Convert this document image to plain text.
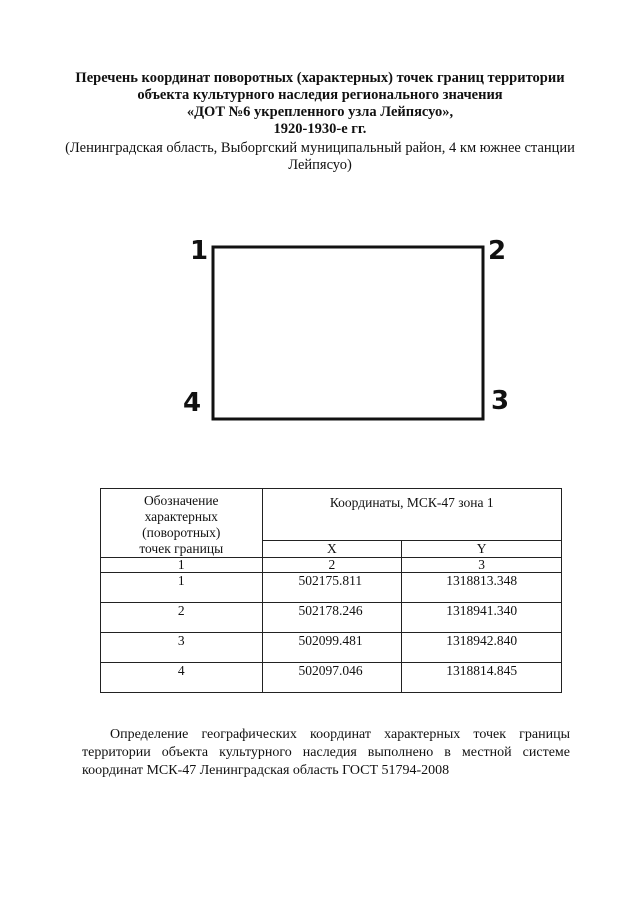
Перечень координат поворотных (характерных) точек границ территории
объекта культурного наследия регионального значения
«ДОТ №6 укрепленного узла Лейпясуо»,
1920-1930-е гг.
(Ленинградская область, Выборгский муниципальный район, 4 км южнее станции
Лейпясуо)
1	2
3
4
Обозначение
характерных
(поворотных)
точек границы	Координаты, МСК-47 зона 1	
	X	Y
1	2	3
1	502175.811	1318813.348
2	502178.246	1318941.340
3	502099.481	1318942.840
4	502097.046	1318814.845
Определение географических координат характерных точек границы территории объекта культурного наследия выполнено в местной системе координат МСК-47 Ленинградская область ГОСТ 51794-2008
